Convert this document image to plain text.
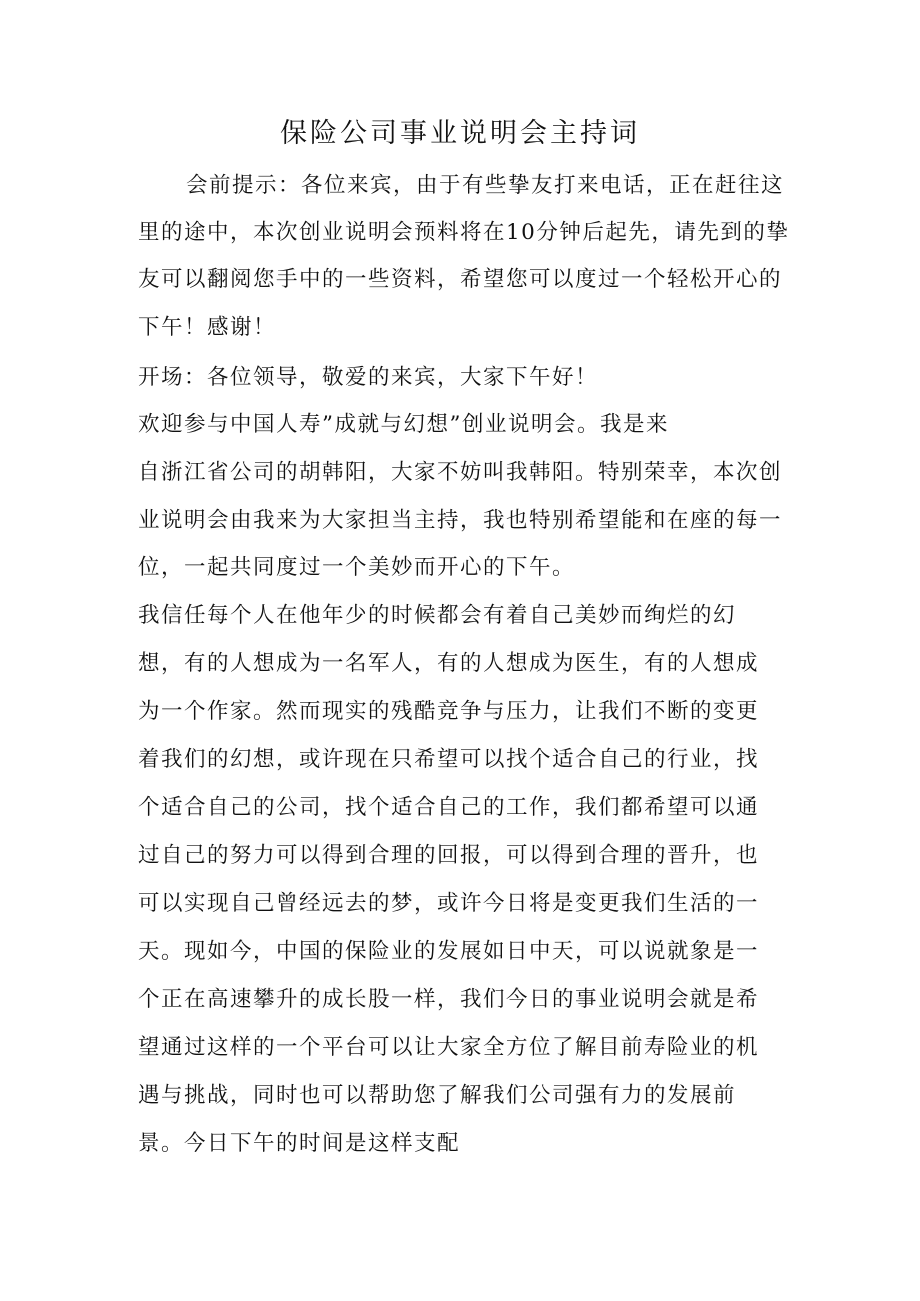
保险公司事业说明会主持词
会前提示：各位来宾，由于有些挚友打来电话，正在赶往这
里的途中，本次创业说明会预料将在10分钟后起先，请先到的挚
友可以翻阅您手中的一些资料，希望您可以度过一个轻松开心的
下午！感谢！
开场：各位领导，敬爱的来宾，大家下午好！
欢迎参与中国人寿”成就与幻想”创业说明会。我是来
自浙江省公司的胡韩阳，大家不妨叫我韩阳。特别荣幸，本次创
业说明会由我来为大家担当主持，我也特别希望能和在座的每一
位，一起共同度过一个美妙而开心的下午。
我信任每个人在他年少的时候都会有着自己美妙而绚烂的幻
想，有的人想成为一名军人，有的人想成为医生，有的人想成
为一个作家。然而现实的残酷竞争与压力，让我们不断的变更
着我们的幻想，或许现在只希望可以找个适合自己的行业，找
个适合自己的公司，找个适合自己的工作，我们都希望可以通
过自己的努力可以得到合理的回报，可以得到合理的晋升，也
可以实现自己曾经远去的梦，或许今日将是变更我们生活的一
天。现如今，中国的保险业的发展如日中天，可以说就象是一
个正在高速攀升的成长股一样，我们今日的事业说明会就是希
望通过这样的一个平台可以让大家全方位了解目前寿险业的机
遇与挑战，同时也可以帮助您了解我们公司强有力的发展前
景。今日下午的时间是这样支配
